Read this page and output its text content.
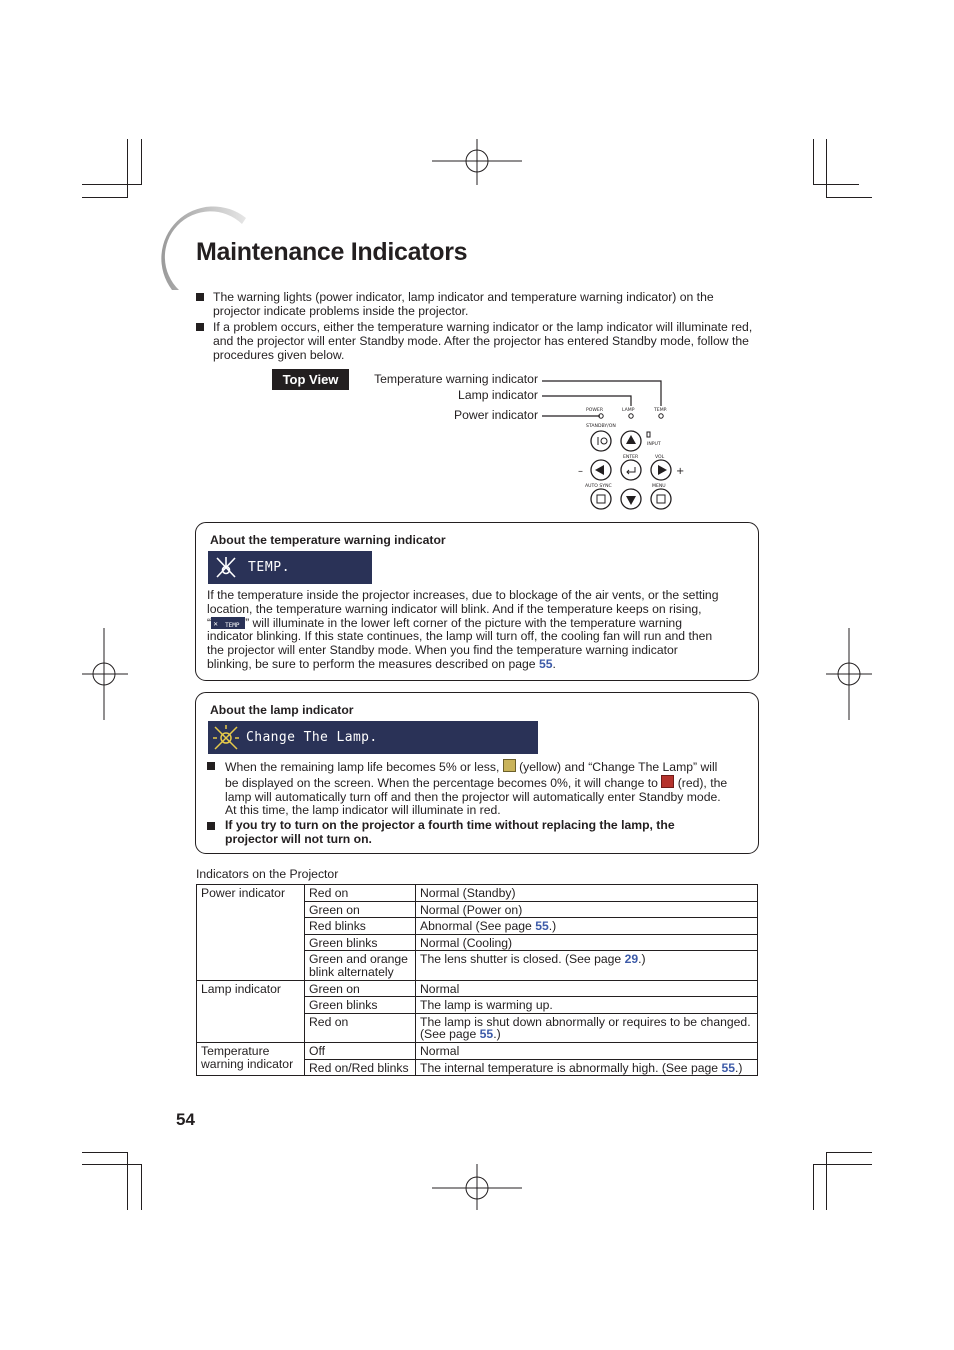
Maintenance Indicators
The warning lights (power indicator, lamp indicator and temperature warning indicator) on the projector indicate problems inside the projector.
If a problem occurs, either the temperature warning indicator or the lamp indicator will illuminate red, and the projector will enter Standby mode. After the projector has entered Standby mode, follow the procedures given below.
Top View	Temperature warning indicator
Lamp indicator
Power indicator	POWER	LAMP	TEMP.
STANDBY/ON
INPUT
ENTER	VOL
AUTO SYNC	MENU
–	+
About the temperature warning indicator
TEMP.
If the temperature inside the projector increases, due to blockage of the air vents, or the setting
location, the temperature warning indicator will blink. And if the temperature keeps on rising,
“ ✕ TEMP ” will illuminate in the lower left corner of the picture with the temperature warning
indicator blinking. If this state continues, the lamp will turn off, the cooling fan will run and then
the projector will enter Standby mode. When you find the temperature warning indicator
blinking, be sure to perform the measures described on page 55.
About the lamp indicator
Change The Lamp.
When the remaining lamp life becomes 5% or less,  (yellow) and “Change The Lamp” will
be displayed on the screen. When the percentage becomes 0%, it will change to  (red), the
lamp will automatically turn off and then the projector will automatically enter Standby mode.
At this time, the lamp indicator will illuminate in red.
If you try to turn on the projector a fourth time without replacing the lamp, the
projector will not turn on.
Indicators on the Projector
Power indicator	Red on	Normal (Standby)
	Green on	Normal (Power on)
	Red blinks	Abnormal (See page 55.)
	Green blinks	Normal (Cooling)
	Green and orange blink alternately	The lens shutter is closed. (See page 29.)
Lamp indicator	Green on	Normal
	Green blinks	The lamp is warming up.
	Red on	The lamp is shut down abnormally or requires to be changed. (See page 55.)
Temperature warning indicator	Off	Normal
	Red on/Red blinks	The internal temperature is abnormally high. (See page 55.)
54
